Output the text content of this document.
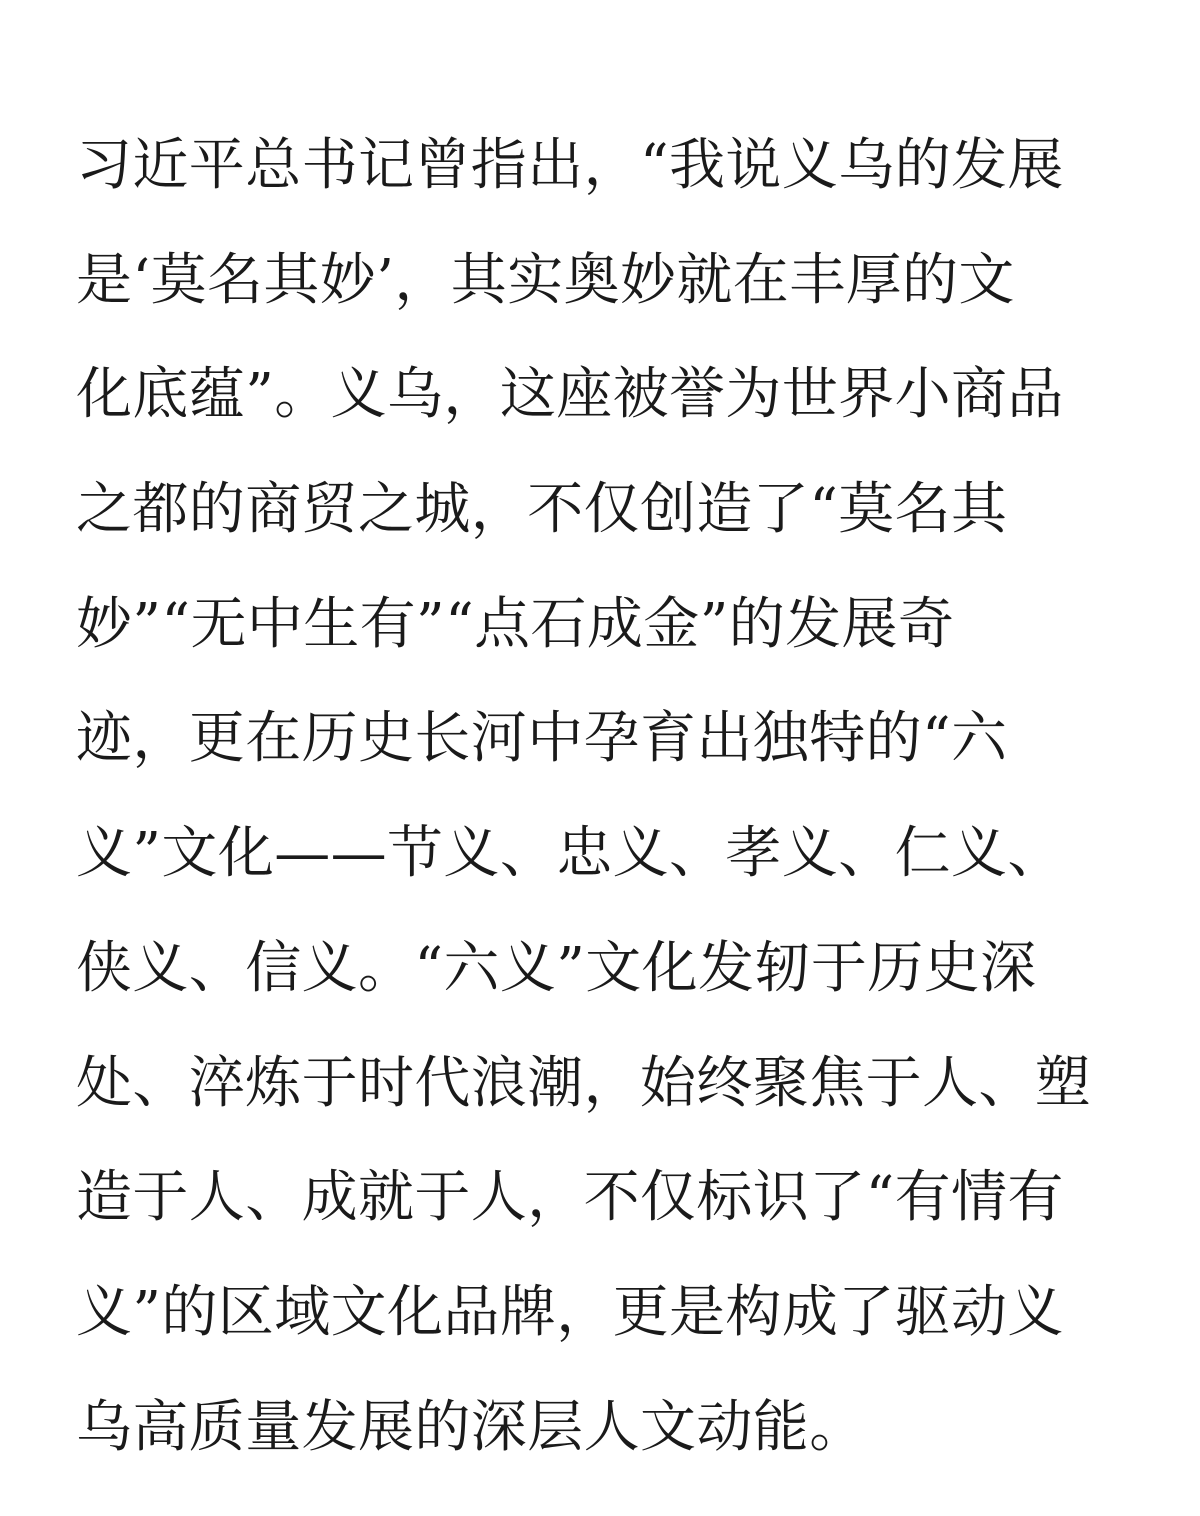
习近平总书记曾指出，“我说义乌的发展
是‘莫名其妙’，其实奥妙就在丰厚的文
化底蕴”。义乌，这座被誉为世界小商品
之都的商贸之城，不仅创造了“莫名其
妙”“无中生有”“点石成金”的发展奇
迹，更在历史长河中孕育出独特的“六
义”文化——节义、忠义、孝义、仁义、
侠义、信义。“六义”文化发轫于历史深
处、淬炼于时代浪潮，始终聚焦于人、塑
造于人、成就于人，不仅标识了“有情有
义”的区域文化品牌，更是构成了驱动义
乌高质量发展的深层人文动能。
